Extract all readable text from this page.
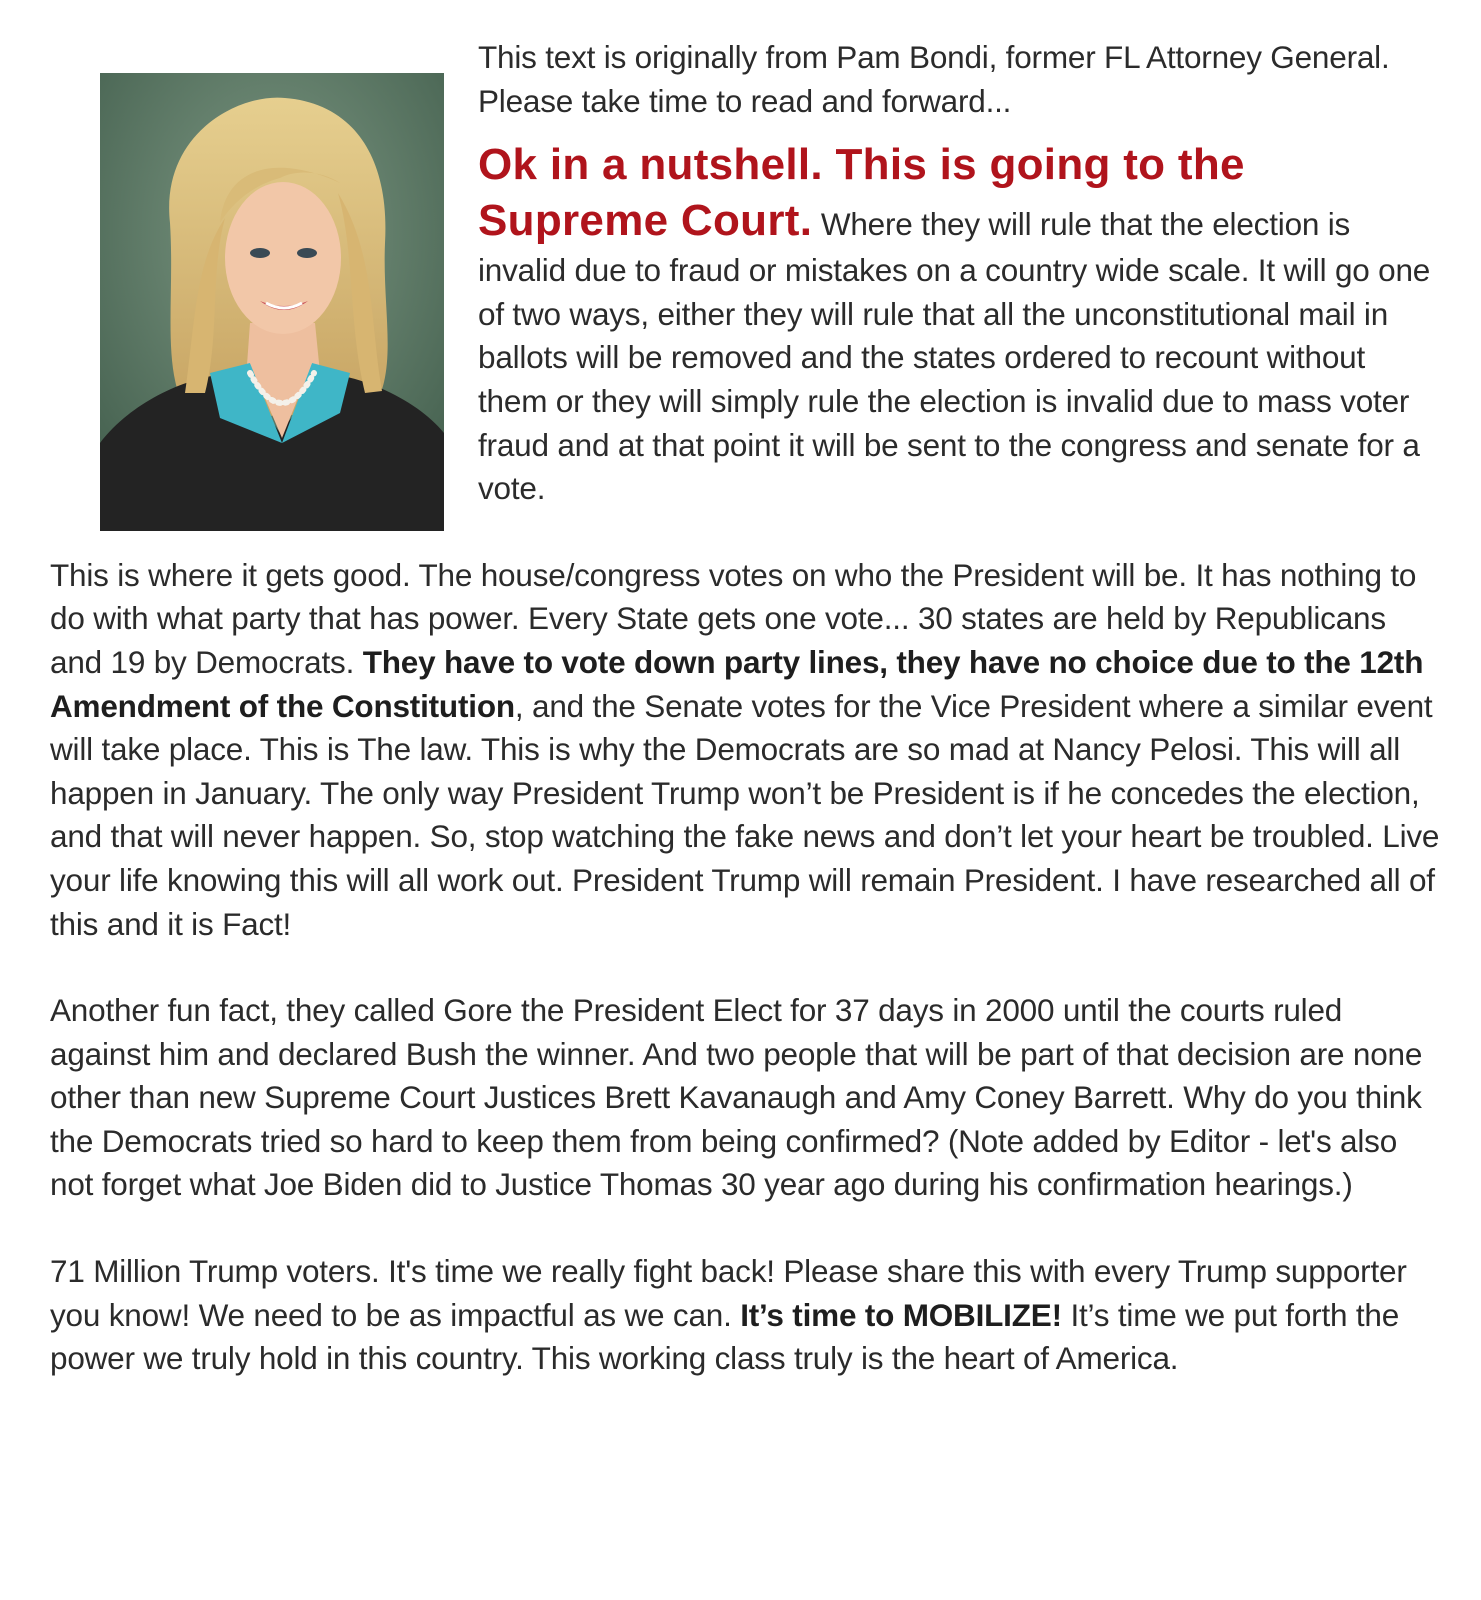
This text is originally from Pam Bondi, former FL Attorney General. Please take time to read and forward...

Ok in a nutshell. This is going to the Supreme Court. Where they will rule that the election is invalid due to fraud or mistakes on a country wide scale. It will go one of two ways, either they will rule that all the unconstitutional mail in ballots will be removed and the states ordered to recount without them or they will simply rule the election is invalid due to mass voter fraud and at that point it will be sent to the congress and senate for a vote.

This is where it gets good. The house/congress votes on who the President will be. It has nothing to do with what party that has power. Every State gets one vote... 30 states are held by Republicans and 19 by Democrats. They have to vote down party lines, they have no choice due to the 12th Amendment of the Constitution, and the Senate votes for the Vice President where a similar event will take place. This is The law. This is why the Democrats are so mad at Nancy Pelosi. This will all happen in January. The only way President Trump won’t be President is if he concedes the election, and that will never happen. So, stop watching the fake news and don’t let your heart be troubled. Live your life knowing this will all work out. President Trump will remain President. I have researched all of this and it is Fact!

Another fun fact, they called Gore the President Elect for 37 days in 2000 until the courts ruled against him and declared Bush the winner. And two people that will be part of that decision are none other than new Supreme Court Justices Brett Kavanaugh and Amy Coney Barrett. Why do you think the Democrats tried so hard to keep them from being confirmed? (Note added by Editor - let's also not forget what Joe Biden did to Justice Thomas 30 year ago during his confirmation hearings.)

71 Million Trump voters. It's time we really fight back! Please share this with every Trump supporter you know! We need to be as impactful as we can. It’s time to MOBILIZE! It’s time we put forth the power we truly hold in this country. This working class truly is the heart of America.
